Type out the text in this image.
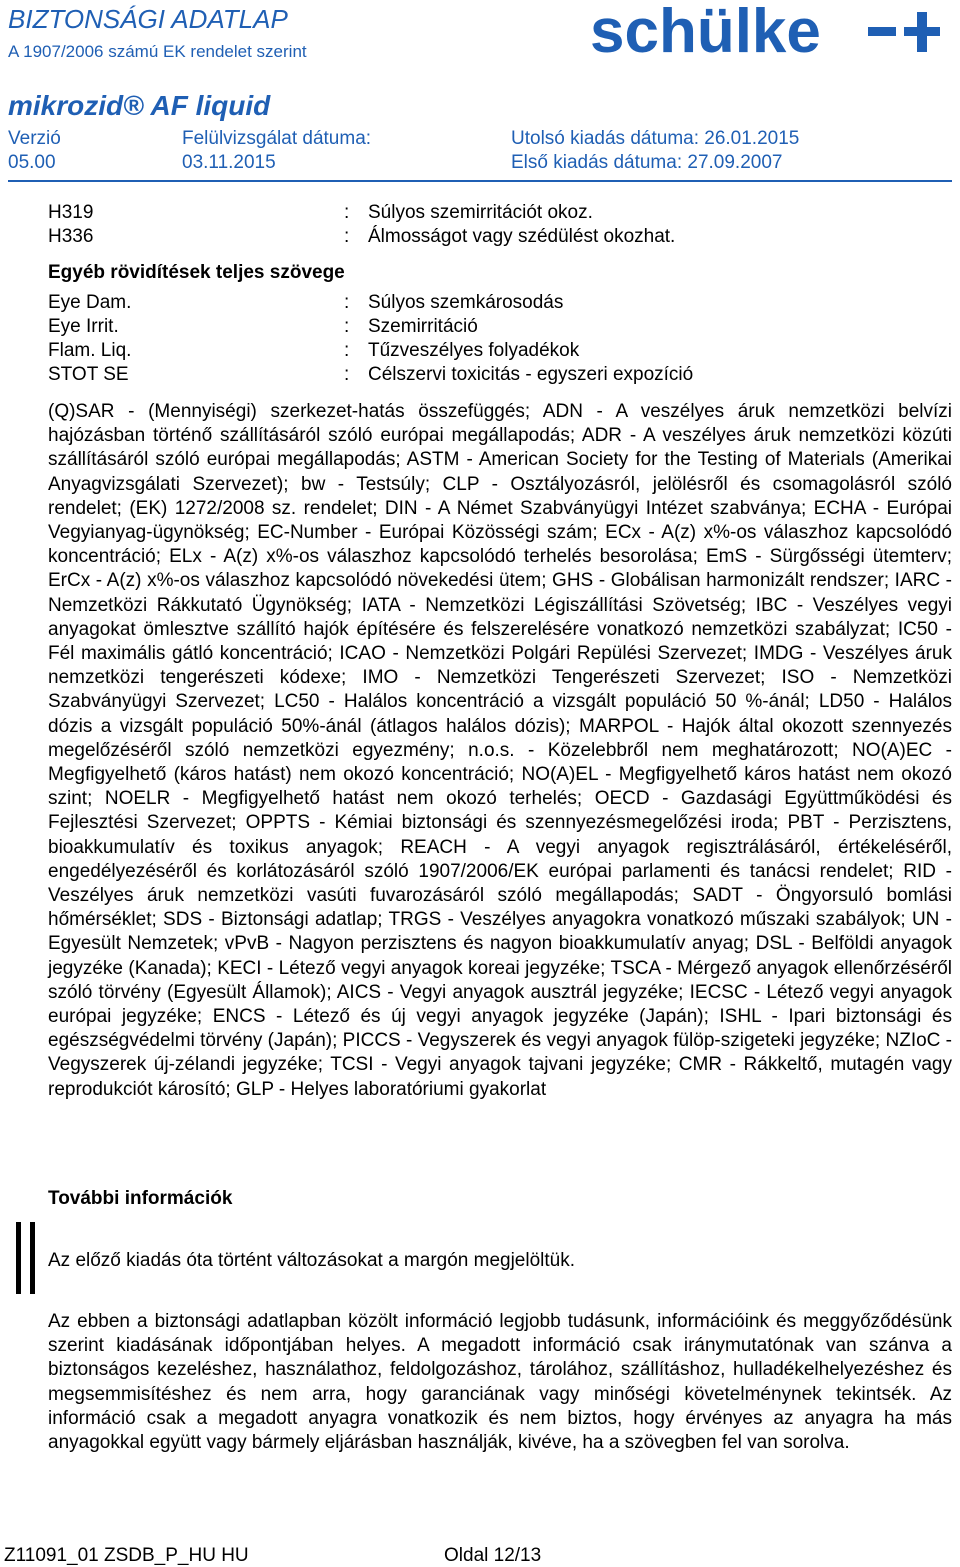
BIZTONSÁGI ADATLAP
A 1907/2006 számú EK rendelet szerint	schülke
mikrozid® AF liquid
Verzió
05.00
Felülvizsgálat dátuma:
03.11.2015
Utolsó kiadás dátuma: 26.01.2015
Első kiadás dátuma: 27.09.2007
H319	: Súlyos szemirritációt okoz.
H336	: Álmosságot vagy szédülést okozhat.
Egyéb rövidítések teljes szövege
Eye Dam.	: Súlyos szemkárosodás
Eye Irrit.	: Szemirritáció
Flam. Liq.	: Tűzveszélyes folyadékok
STOT SE	: Célszervi toxicitás - egyszeri expozíció
(Q)SAR - (Mennyiségi) szerkezet-hatás összefüggés; ADN - A veszélyes áruk nemzetközi belvízi hajózásban történő szállításáról szóló európai megállapodás; ADR - A veszélyes áruk nemzetközi közúti szállításáról szóló európai megállapodás; ASTM - American Society for the Testing of Materials (Amerikai Anyagvizsgálati Szervezet); bw - Testsúly; CLP - Osztályozásról, jelölésről és csomagolásról szóló rendelet; (EK) 1272/2008 sz. rendelet; DIN - A Német Szabványügyi Intézet szabványa; ECHA - Európai Vegyianyag-ügynökség; EC-Number - Európai Közösségi szám; ECx - A(z) x%-os válaszhoz kapcsolódó koncentráció; ELx - A(z) x%-os válaszhoz kapcsolódó terhelés besorolása; EmS - Sürgősségi ütemterv; ErCx - A(z) x%-os válaszhoz kapcsolódó növekedési ütem; GHS - Globálisan harmonizált rendszer; IARC - Nemzetközi Rákkutató Ügynökség; IATA - Nemzetközi Légiszállítási Szövetség; IBC - Veszélyes vegyi anyagokat ömlesztve szállító hajók építésére és felszerelésére vonatkozó nemzetközi szabályzat; IC50 - Fél maximális gátló koncentráció; ICAO - Nemzetközi Polgári Repülési Szervezet; IMDG - Veszélyes áruk nemzetközi tengerészeti kódexe; IMO - Nemzetközi Tengerészeti Szervezet; ISO - Nemzetközi Szabványügyi Szervezet; LC50 - Halálos koncentráció a vizsgált populáció 50 %-ánál; LD50 - Halálos dózis a vizsgált populáció 50%-ánál (átlagos halálos dózis); MARPOL - Hajók által okozott szennyezés megelőzéséről szóló nemzetközi egyezmény; n.o.s. - Közelebbről nem meghatározott; NO(A)EC - Megfigyelhető (káros hatást) nem okozó koncentráció; NO(A)EL - Megfigyelhető káros hatást nem okozó szint; NOELR - Megfigyelhető hatást nem okozó terhelés; OECD - Gazdasági Együttműködési és Fejlesztési Szervezet; OPPTS - Kémiai biztonsági és szennyezésmegelőzési iroda; PBT - Perzisztens, bioakkumulatív és toxikus anyagok; REACH - A vegyi anyagok regisztrálásáról, értékeléséről, engedélyezéséről és korlátozásáról szóló 1907/2006/EK európai parlamenti és tanácsi rendelet; RID - Veszélyes áruk nemzetközi vasúti fuvarozásáról szóló megállapodás; SADT - Öngyorsuló bomlási hőmérséklet; SDS - Biztonsági adatlap; TRGS - Veszélyes anyagokra vonatkozó műszaki szabályok; UN - Egyesült Nemzetek; vPvB - Nagyon perzisztens és nagyon bioakkumulatív anyag; DSL - Belföldi anyagok jegyzéke (Kanada); KECI - Létező vegyi anyagok koreai jegyzéke; TSCA - Mérgező anyagok ellenőrzéséről szóló törvény (Egyesült Államok); AICS - Vegyi anyagok ausztrál jegyzéke; IECSC - Létező vegyi anyagok európai jegyzéke; ENCS - Létező és új vegyi anyagok jegyzéke (Japán); ISHL - Ipari biztonsági és egészségvédelmi törvény (Japán); PICCS - Vegyszerek és vegyi anyagok fülöp-szigeteki jegyzéke; NZIoC - Vegyszerek új-zélandi jegyzéke; TCSI - Vegyi anyagok tajvani jegyzéke; CMR - Rákkeltő, mutagén vagy reprodukciót károsító; GLP - Helyes laboratóriumi gyakorlat
További információk
Az előző kiadás óta történt változásokat a margón megjelöltük.
Az ebben a biztonsági adatlapban közölt információ legjobb tudásunk, információink és meggyőződésünk szerint kiadásának időpontjában helyes. A megadott információ csak iránymutatónak van szánva a biztonságos kezeléshez, használathoz, feldolgozáshoz, tárolához, szállításhoz, hulladékelhelyezéshez és megsemmisítéshez és nem arra, hogy garanciának vagy minőségi követelménynek tekintsék. Az információ csak a megadott anyagra vonatkozik és nem biztos, hogy érvényes az anyagra ha más anyagokkal együtt vagy bármely eljárásban használják, kivéve, ha a szövegben fel van sorolva.
Z11091_01 ZSDB_P_HU HU	Oldal 12/13
